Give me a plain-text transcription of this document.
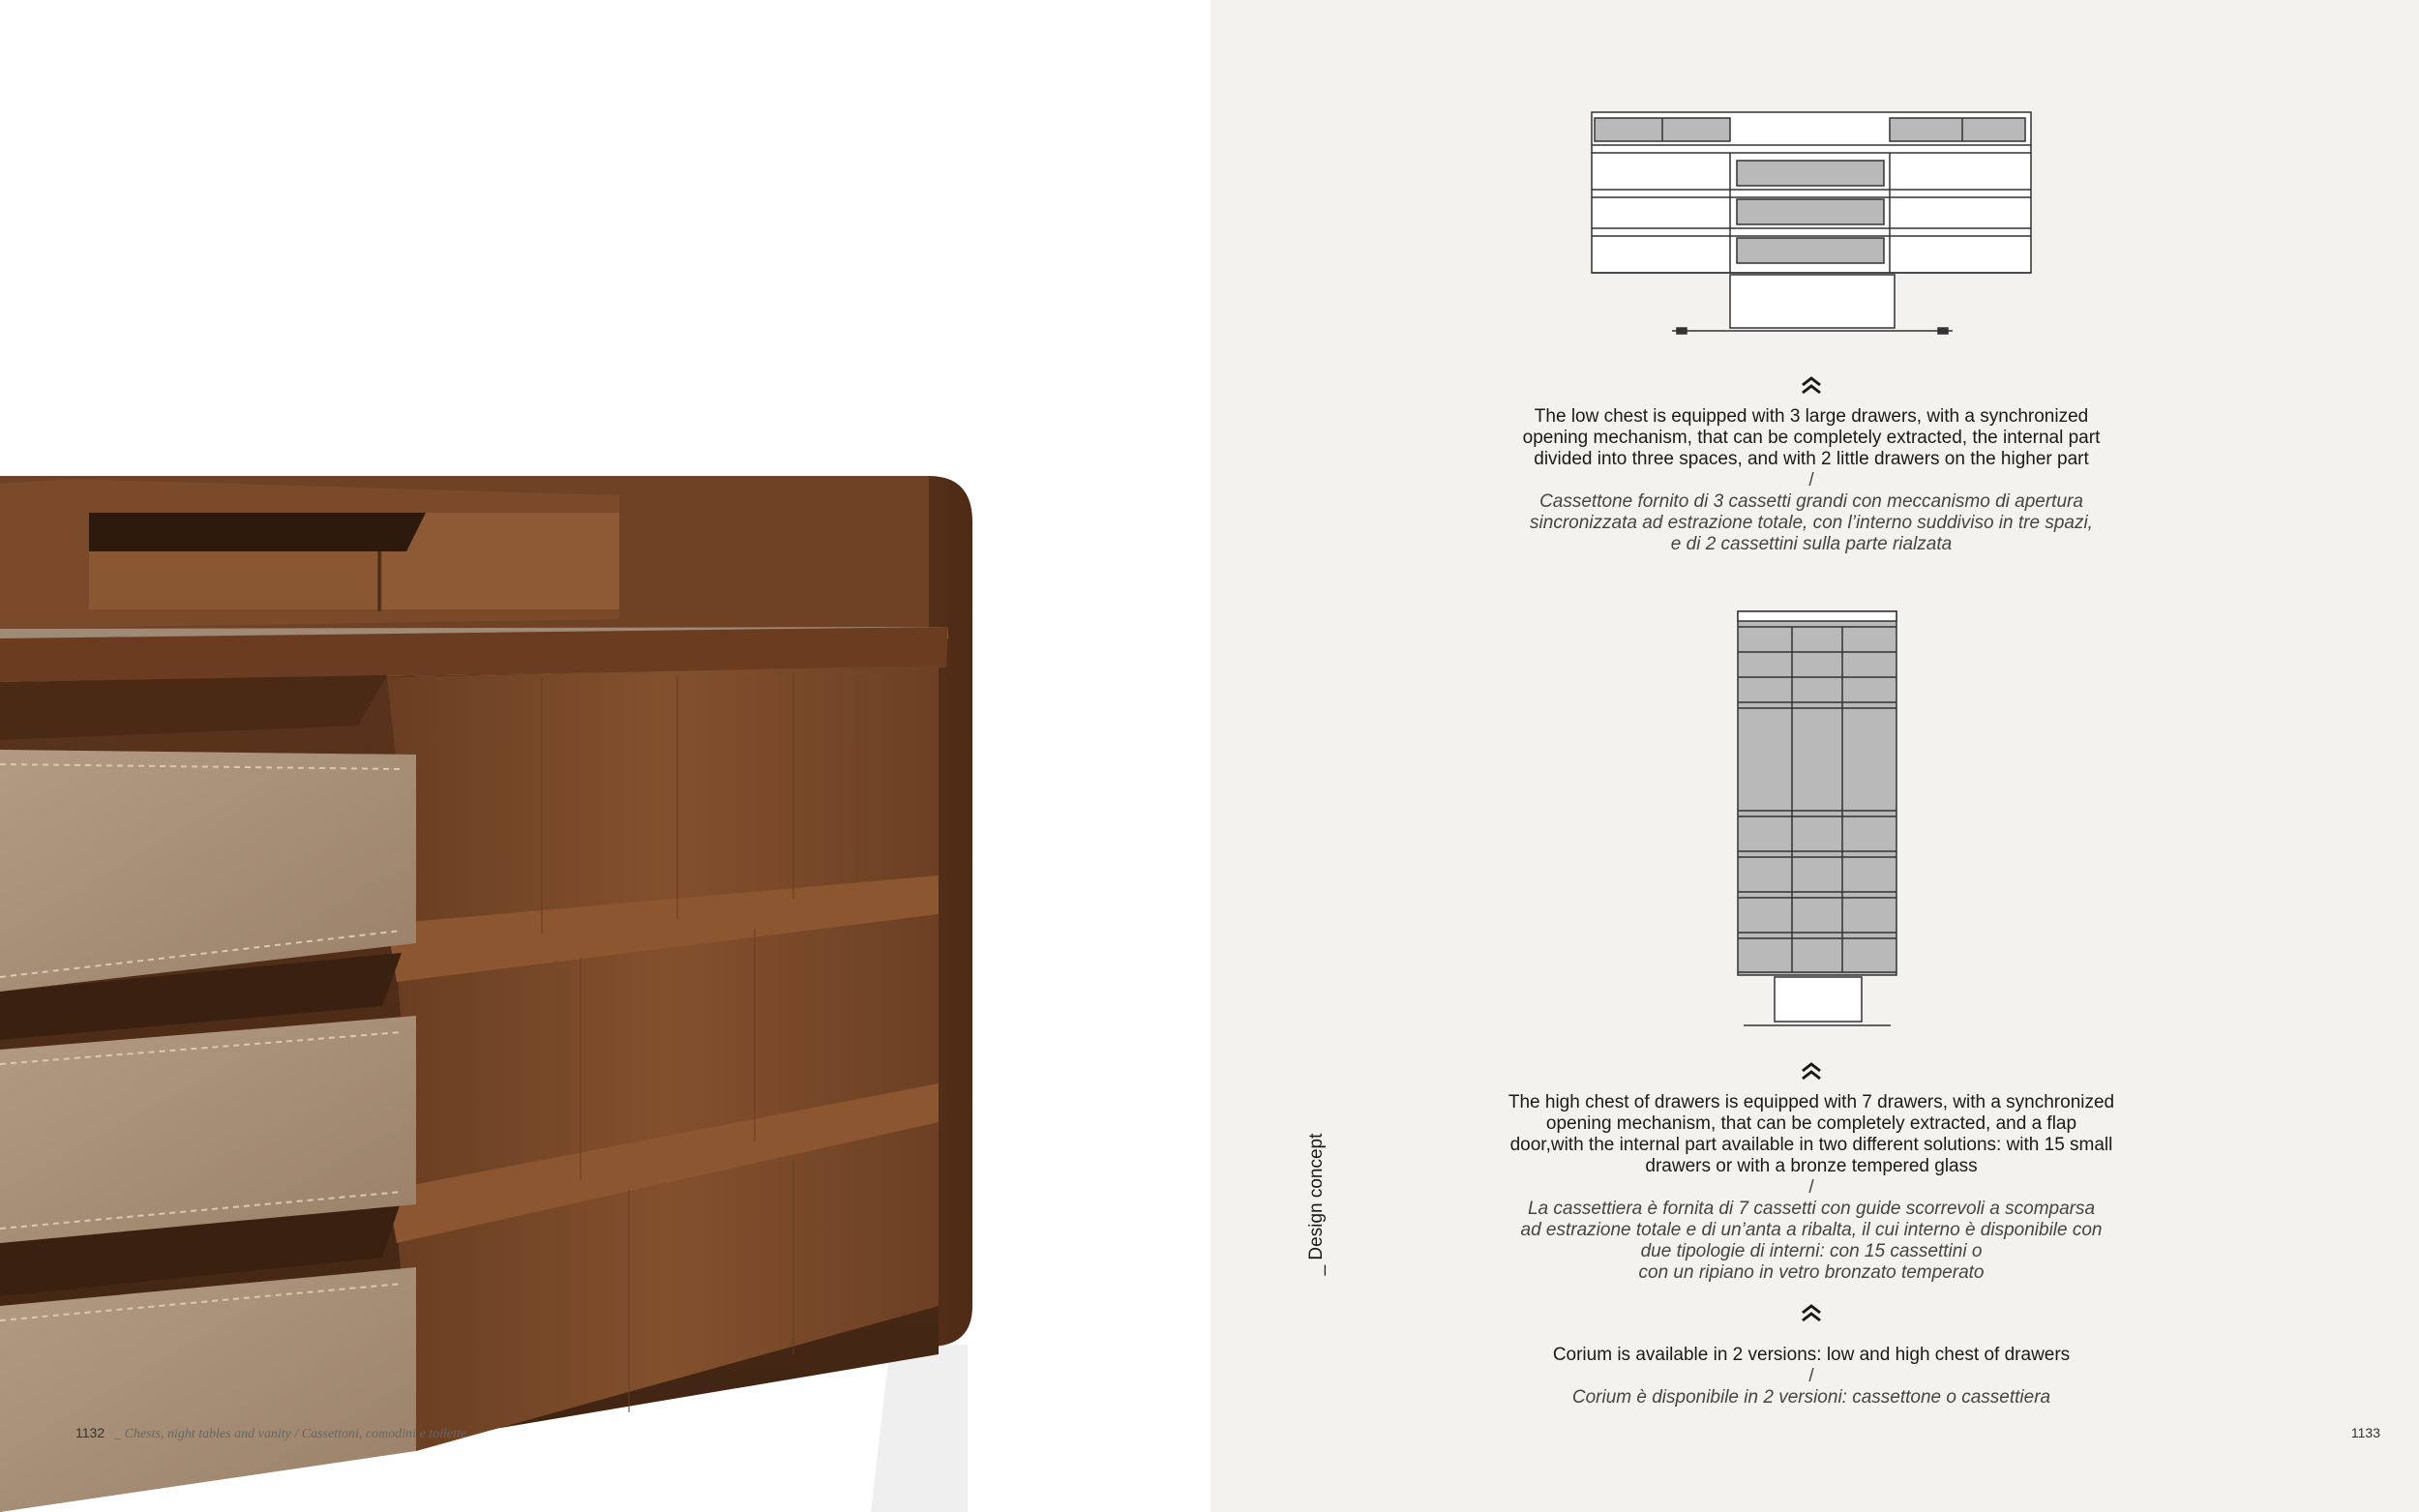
1132 _ Chests, night tables and vanity / Cassettoni, comodini e toilette
_ Design concept

The low chest is equipped with 3 large drawers, with a synchronized

opening mechanism, that can be completely extracted, the internal part

divided into three spaces, and with 2 little drawers on the higher part

/

Cassettone fornito di 3 cassetti grandi con meccanismo di apertura

sincronizzata ad estrazione totale, con l’interno suddiviso in tre spazi,

e di 2 cassettini sulla parte rialzata

The high chest of drawers is equipped with 7 drawers, with a synchronized

opening mechanism, that can be completely extracted, and a flap

door,with the internal part available in two different solutions: with 15 small

drawers or with a bronze tempered glass

/

La cassettiera è fornita di 7 cassetti con guide scorrevoli a scomparsa

ad estrazione totale e di un’anta a ribalta, il cui interno è disponibile con

due tipologie di interni: con 15 cassettini o

con un ripiano in vetro bronzato temperato

Corium is available in 2 versions: low and high chest of drawers

/

Corium è disponibile in 2 versioni: cassettone o cassettiera

1133
